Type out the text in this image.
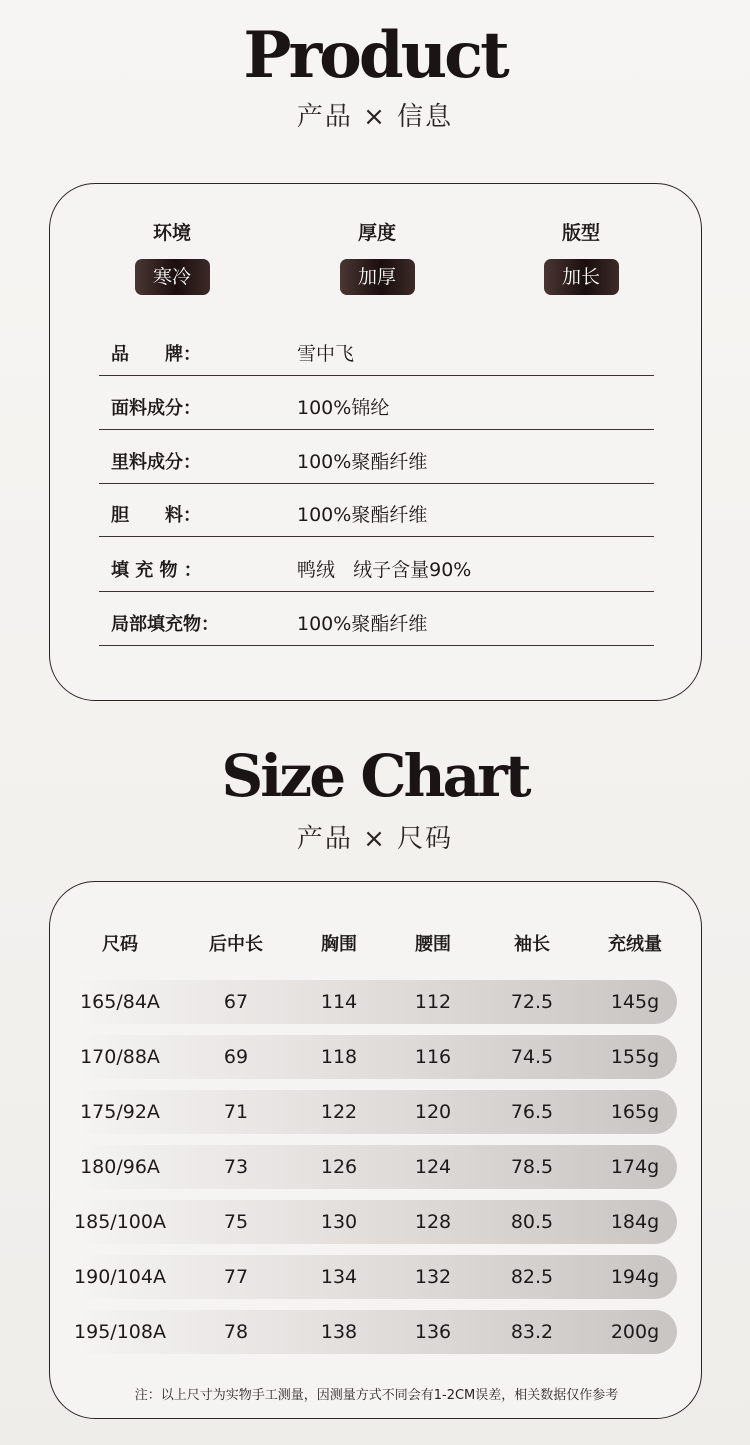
Product
产品 × 信息
环境
寒冷
厚度
加厚
版型
加长
品　　牌：	雪中飞
面料成分：	100%锦纶
里料成分：	100%聚酯纤维
胆　　料：	100%聚酯纤维
填 充 物 ：	鸭绒   绒子含量90%
局部填充物：	100%聚酯纤维
Size Chart
产品 × 尺码
尺码	后中长	胸围	腰围	袖长	充绒量
165/84A	67	114	112	72.5	145g
170/88A	69	118	116	74.5	155g
175/92A	71	122	120	76.5	165g
180/96A	73	126	124	78.5	174g
185/100A	75	130	128	80.5	184g
190/104A	77	134	132	82.5	194g
195/108A	78	138	136	83.2	200g
注：以上尺寸为实物手工测量，因测量方式不同会有1-2CM误差，相关数据仅作参考
